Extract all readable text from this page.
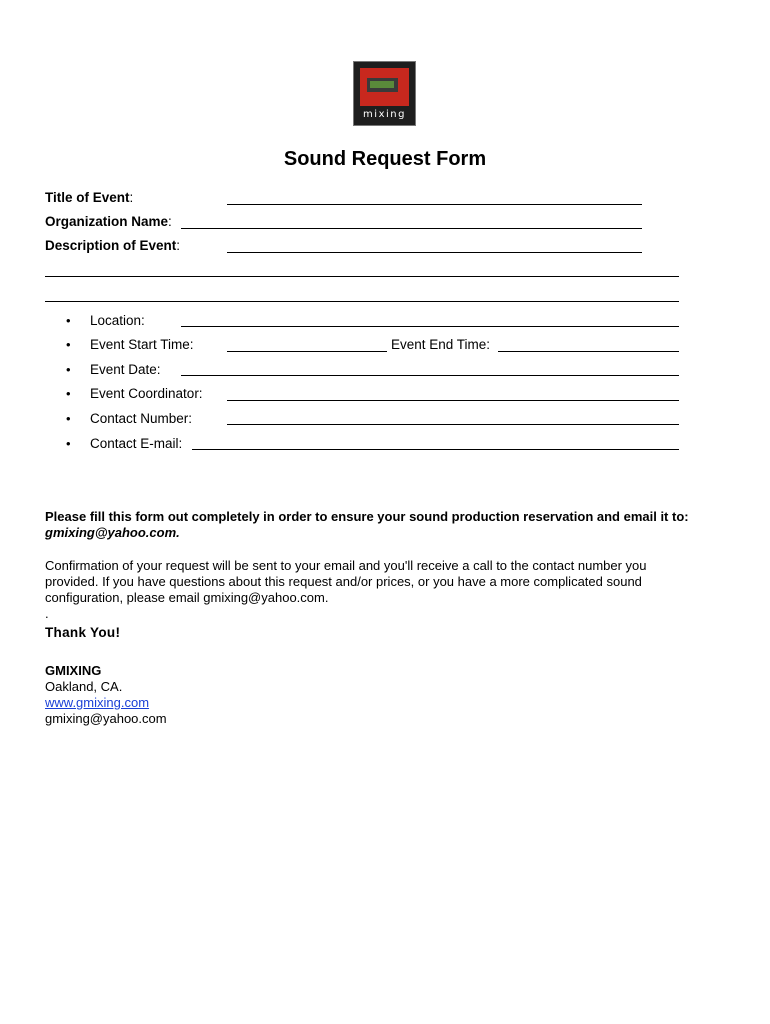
mixing
Sound Request Form
Title of Event:
Organization Name:
Description of Event:
• Location:
• Event Start Time:	Event End Time:
• Event Date:
• Event Coordinator:
• Contact Number:
• Contact E-mail:
Please fill this form out completely in order to ensure your sound production reservation and email it to: gmixing@yahoo.com.
Confirmation of your request will be sent to your email and you'll receive a call to the contact number you
provided. If you have questions about this request and/or prices, or you have a more complicated sound
configuration, please email gmixing@yahoo.com.
.
Thank You!
GMIXING
Oakland, CA.
www.gmixing.com
gmixing@yahoo.com
